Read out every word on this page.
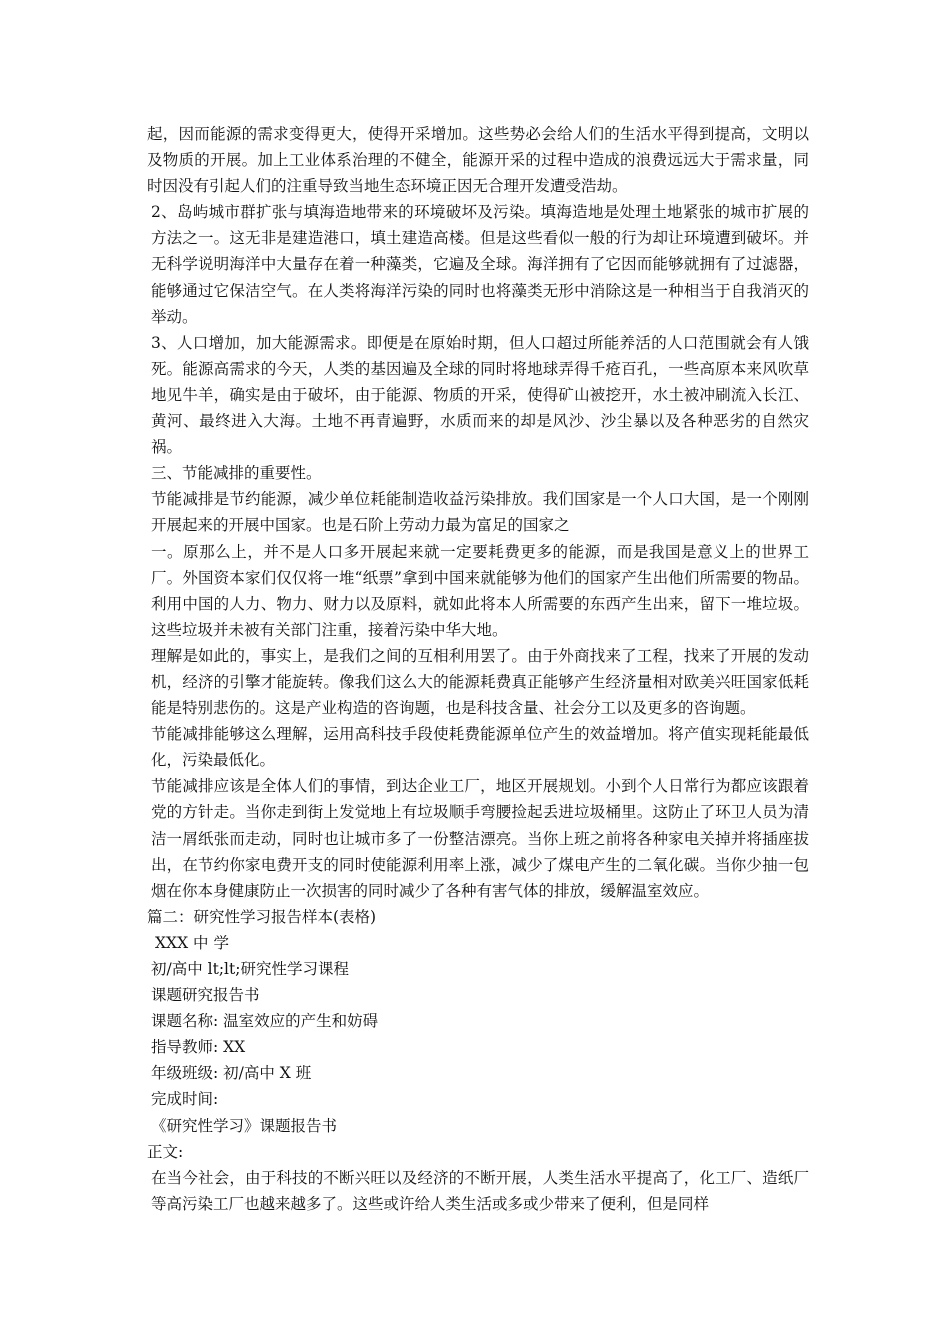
起，因而能源的需求变得更大，使得开采增加。这些势必会给人们的生活水平得到提高，文明以及物质的开展。加上工业体系治理的不健全，能源开采的过程中造成的浪费远远大于需求量，同时因没有引起人们的注重导致当地生态环境正因无合理开发遭受浩劫。

2、岛屿城市群扩张与填海造地带来的环境破坏及污染。填海造地是处理土地紧张的城市扩展的方法之一。这无非是建造港口，填土建造高楼。但是这些看似一般的行为却让环境遭到破坏。并无科学说明海洋中大量存在着一种藻类，它遍及全球。海洋拥有了它因而能够就拥有了过滤器，能够通过它保洁空气。在人类将海洋污染的同时也将藻类无形中消除这是一种相当于自我消灭的举动。

3、人口增加，加大能源需求。即便是在原始时期，但人口超过所能养活的人口范围就会有人饿死。能源高需求的今天，人类的基因遍及全球的同时将地球弄得千疮百孔，一些高原本来风吹草地见牛羊，确实是由于破坏，由于能源、物质的开采，使得矿山被挖开，水土被冲刷流入长江、黄河、最终进入大海。土地不再青遍野，水质而来的却是风沙、沙尘暴以及各种恶劣的自然灾祸。

三、节能减排的重要性。

节能减排是节约能源，减少单位耗能制造收益污染排放。我们国家是一个人口大国，是一个刚刚开展起来的开展中国家。也是石阶上劳动力最为富足的国家之

一。原那么上，并不是人口多开展起来就一定要耗费更多的能源，而是我国是意义上的世界工厂。外国资本家们仅仅将一堆“纸票”拿到中国来就能够为他们的国家产生出他们所需要的物品。利用中国的人力、物力、财力以及原料，就如此将本人所需要的东西产生出来，留下一堆垃圾。这些垃圾并未被有关部门注重，接着污染中华大地。

理解是如此的，事实上，是我们之间的互相利用罢了。由于外商找来了工程，找来了开展的发动机，经济的引擎才能旋转。像我们这么大的能源耗费真正能够产生经济量相对欧美兴旺国家低耗能是特别悲伤的。这是产业构造的咨询题，也是科技含量、社会分工以及更多的咨询题。

节能减排能够这么理解，运用高科技手段使耗费能源单位产生的效益增加。将产值实现耗能最低化，污染最低化。

节能减排应该是全体人们的事情，到达企业工厂，地区开展规划。小到个人日常行为都应该跟着党的方针走。当你走到街上发觉地上有垃圾顺手弯腰捡起丢进垃圾桶里。这防止了环卫人员为清洁一屑纸张而走动，同时也让城市多了一份整洁漂亮。当你上班之前将各种家电关掉并将插座拔出，在节约你家电费开支的同时使能源利用率上涨，减少了煤电产生的二氧化碳。当你少抽一包烟在你本身健康防止一次损害的同时减少了各种有害气体的排放，缓解温室效应。

篇二：研究性学习报告样本(表格)

XXX 中 学

初/高中 lt;lt;研究性学习课程

课题研究报告书

课题名称: 温室效应的产生和妨碍

指导教师: XX

年级班级: 初/高中 X 班

完成时间:

《研究性学习》课题报告书

正文:

在当今社会，由于科技的不断兴旺以及经济的不断开展，人类生活水平提高了，化工厂、造纸厂等高污染工厂也越来越多了。这些或许给人类生活或多或少带来了便利，但是同样
